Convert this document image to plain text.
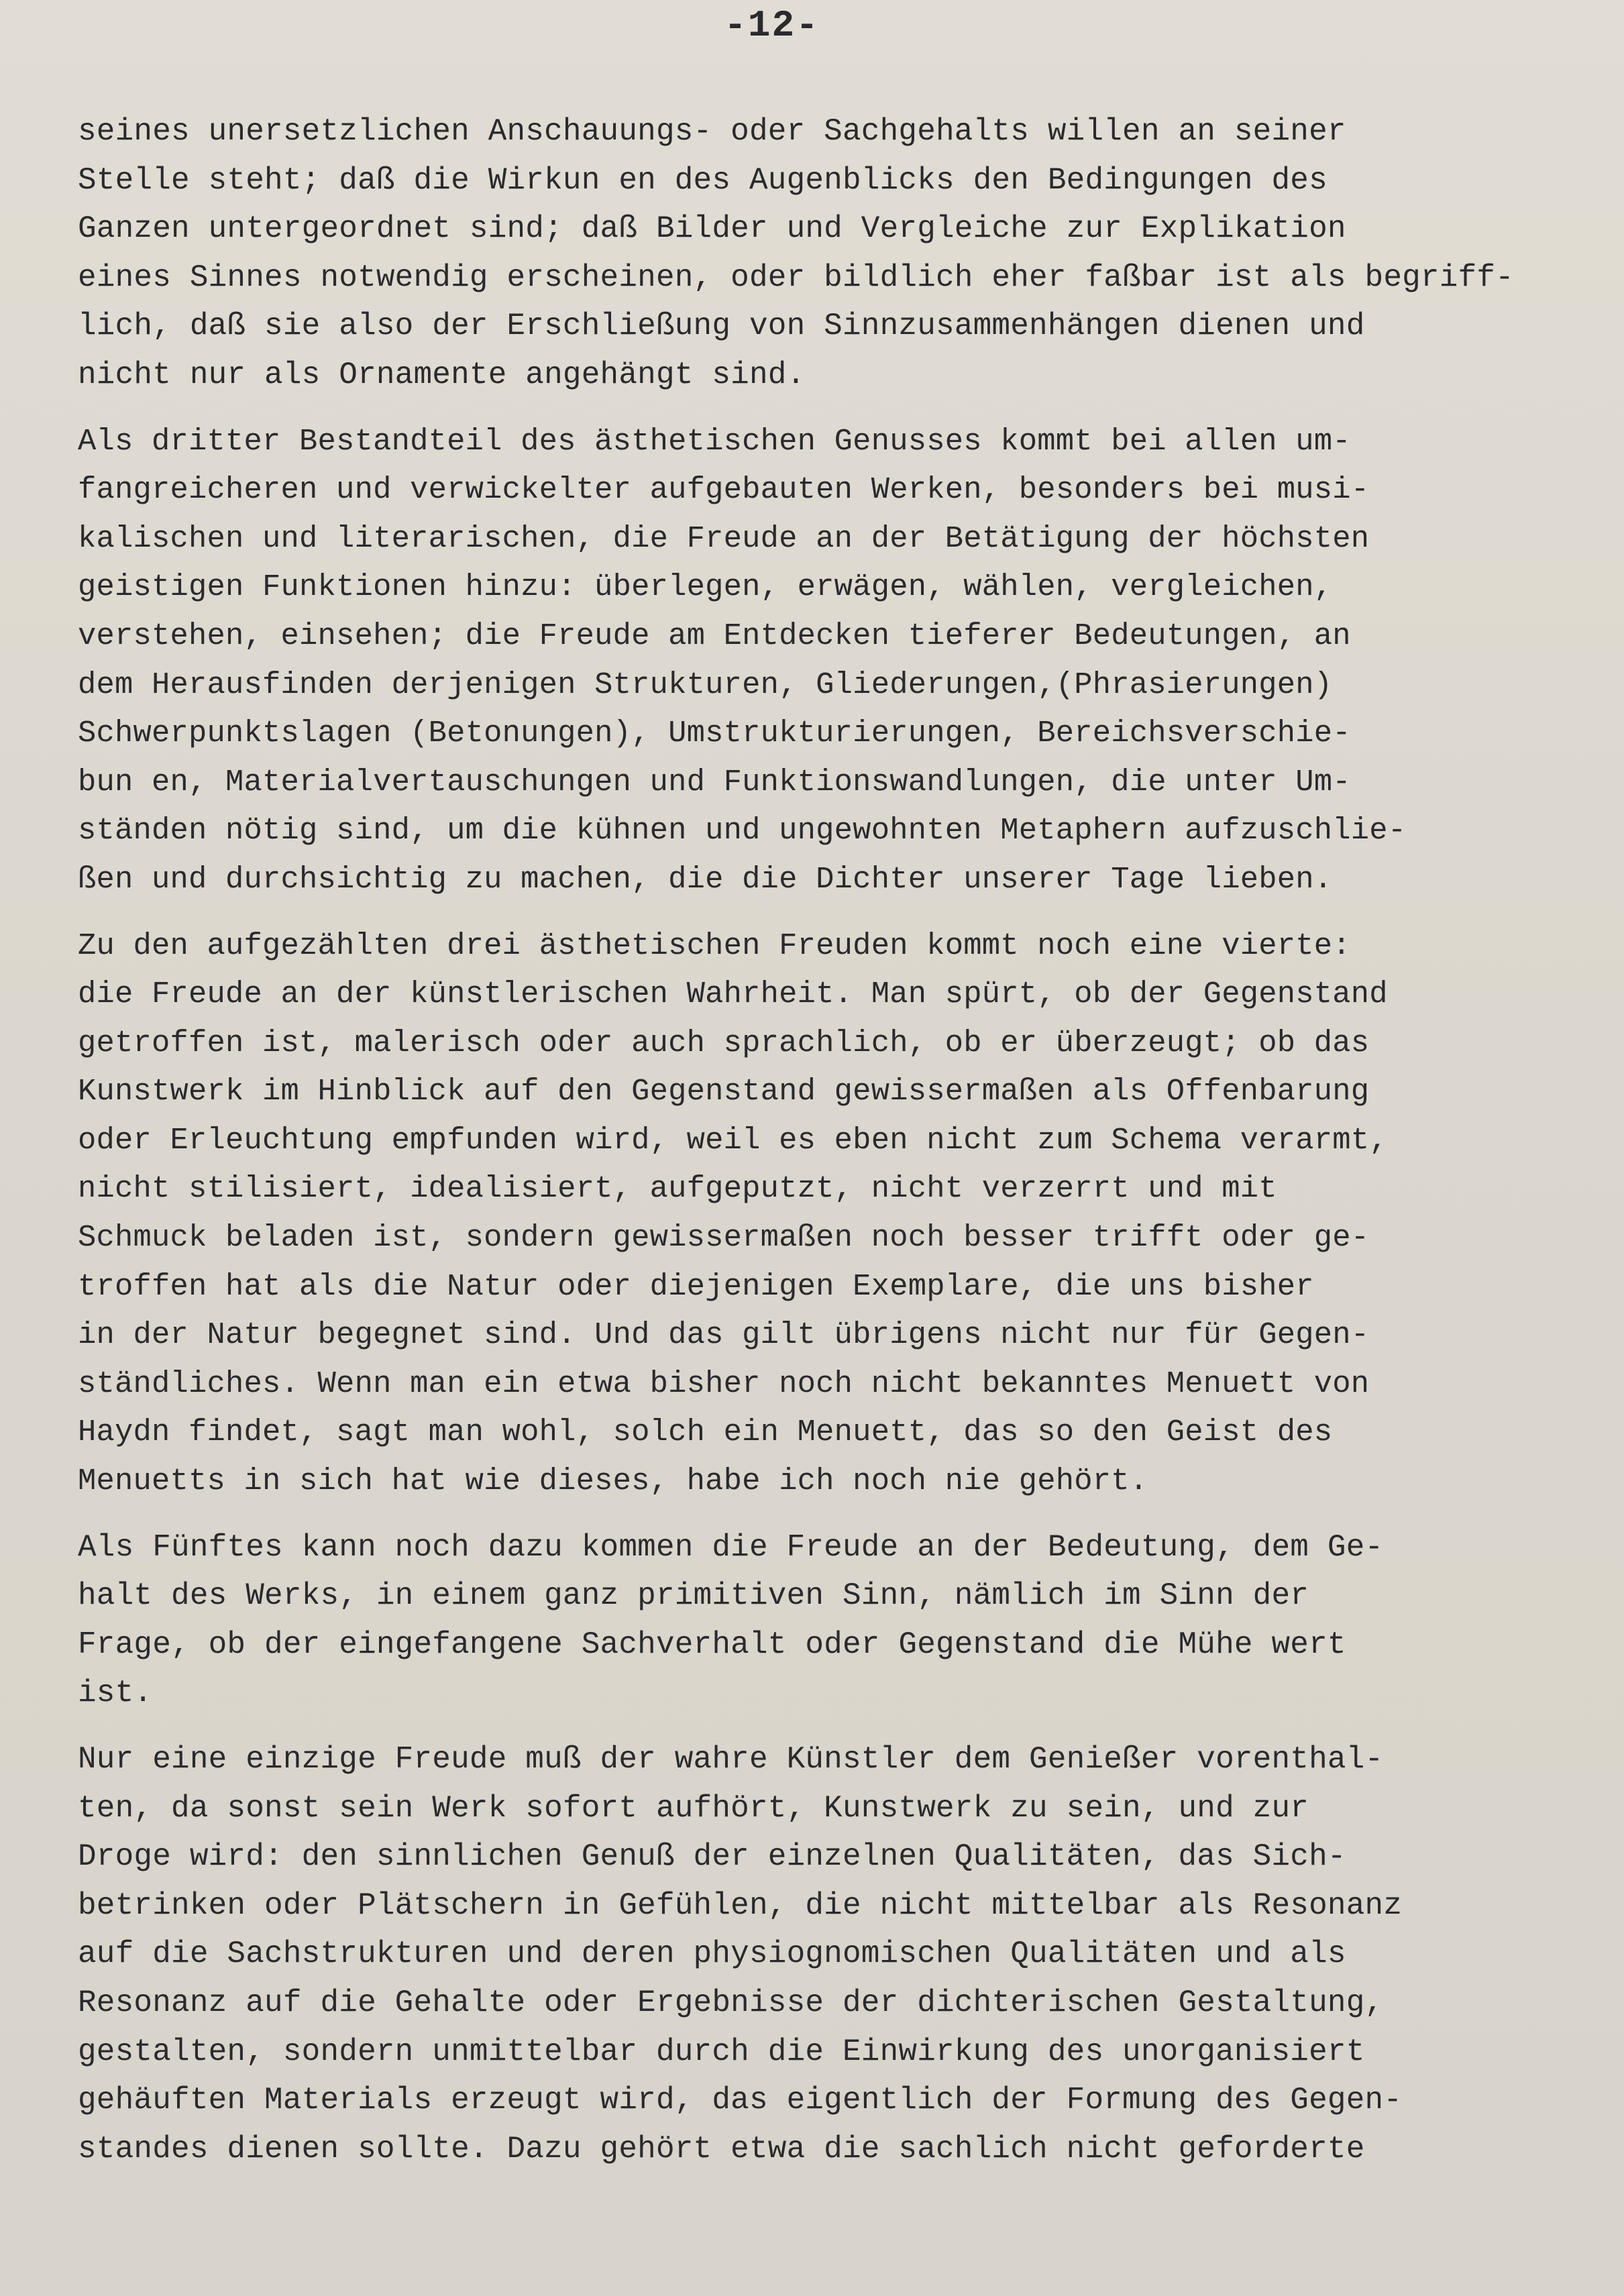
-12-
seines unersetzlichen Anschauungs- oder Sachgehalts willen an seiner
Stelle steht; daß die Wirkun en des Augenblicks den Bedingungen des
Ganzen untergeordnet sind; daß Bilder und Vergleiche zur Explikation
eines Sinnes notwendig erscheinen, oder bildlich eher faßbar ist als begriff-
lich, daß sie also der Erschließung von Sinnzusammenhängen dienen und
nicht nur als Ornamente angehängt sind.
Als dritter Bestandteil des ästhetischen Genusses kommt bei allen um-
fangreicheren und verwickelter aufgebauten Werken, besonders bei musi-
kalischen und literarischen, die Freude an der Betätigung der höchsten
geistigen Funktionen hinzu: überlegen, erwägen, wählen, vergleichen,
verstehen, einsehen; die Freude am Entdecken tieferer Bedeutungen, an
dem Herausfinden derjenigen Strukturen, Gliederungen,(Phrasierungen)
Schwerpunktslagen (Betonungen), Umstrukturierungen, Bereichsverschie-
bun en, Materialvertauschungen und Funktionswandlungen, die unter Um-
ständen nötig sind, um die kühnen und ungewohnten Metaphern aufzuschlie-
ßen und durchsichtig zu machen, die die Dichter unserer Tage lieben.
Zu den aufgezählten drei ästhetischen Freuden kommt noch eine vierte:
die Freude an der künstlerischen Wahrheit. Man spürt, ob der Gegenstand
getroffen ist, malerisch oder auch sprachlich, ob er überzeugt; ob das
Kunstwerk im Hinblick auf den Gegenstand gewissermaßen als Offenbarung
oder Erleuchtung empfunden wird, weil es eben nicht zum Schema verarmt,
nicht stilisiert, idealisiert, aufgeputzt, nicht verzerrt und mit
Schmuck beladen ist, sondern gewissermaßen noch besser trifft oder ge-
troffen hat als die Natur oder diejenigen Exemplare, die uns bisher
in der Natur begegnet sind. Und das gilt übrigens nicht nur für Gegen-
ständliches. Wenn man ein etwa bisher noch nicht bekanntes Menuett von
Haydn findet, sagt man wohl, solch ein Menuett, das so den Geist des
Menuetts in sich hat wie dieses, habe ich noch nie gehört.
Als Fünftes kann noch dazu kommen die Freude an der Bedeutung, dem Ge-
halt des Werks, in einem ganz primitiven Sinn, nämlich im Sinn der
Frage, ob der eingefangene Sachverhalt oder Gegenstand die Mühe wert
ist.
Nur eine einzige Freude muß der wahre Künstler dem Genießer vorenthal-
ten, da sonst sein Werk sofort aufhört, Kunstwerk zu sein, und zur
Droge wird: den sinnlichen Genuß der einzelnen Qualitäten, das Sich-
betrinken oder Plätschern in Gefühlen, die nicht mittelbar als Resonanz
auf die Sachstrukturen und deren physiognomischen Qualitäten und als
Resonanz auf die Gehalte oder Ergebnisse der dichterischen Gestaltung,
gestalten, sondern unmittelbar durch die Einwirkung des unorganisiert
gehäuften Materials erzeugt wird, das eigentlich der Formung des Gegen-
standes dienen sollte. Dazu gehört etwa die sachlich nicht geforderte
